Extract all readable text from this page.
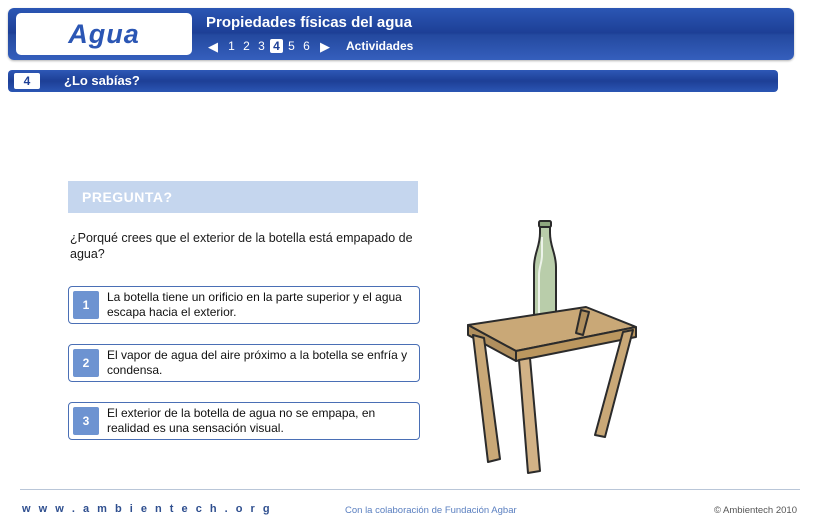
Agua	Propiedades físicas del agua
◀ 1 2 3 4 5 6 ▶ Actividades
4	¿Lo sabías?
PREGUNTA?
¿Porqué crees que el exterior de la botella está empapado de agua?
1
La botella tiene un orificio en la parte superior y el agua escapa hacia el exterior.
2
El vapor de agua del aire próximo a la botella se enfría y condensa.
3
El exterior de la botella de agua no se empapa, en realidad es una sensación visual.
w w w . a m b i e n t e c h . o r g	Con la colaboración de Fundación Agbar	© Ambientech 2010
